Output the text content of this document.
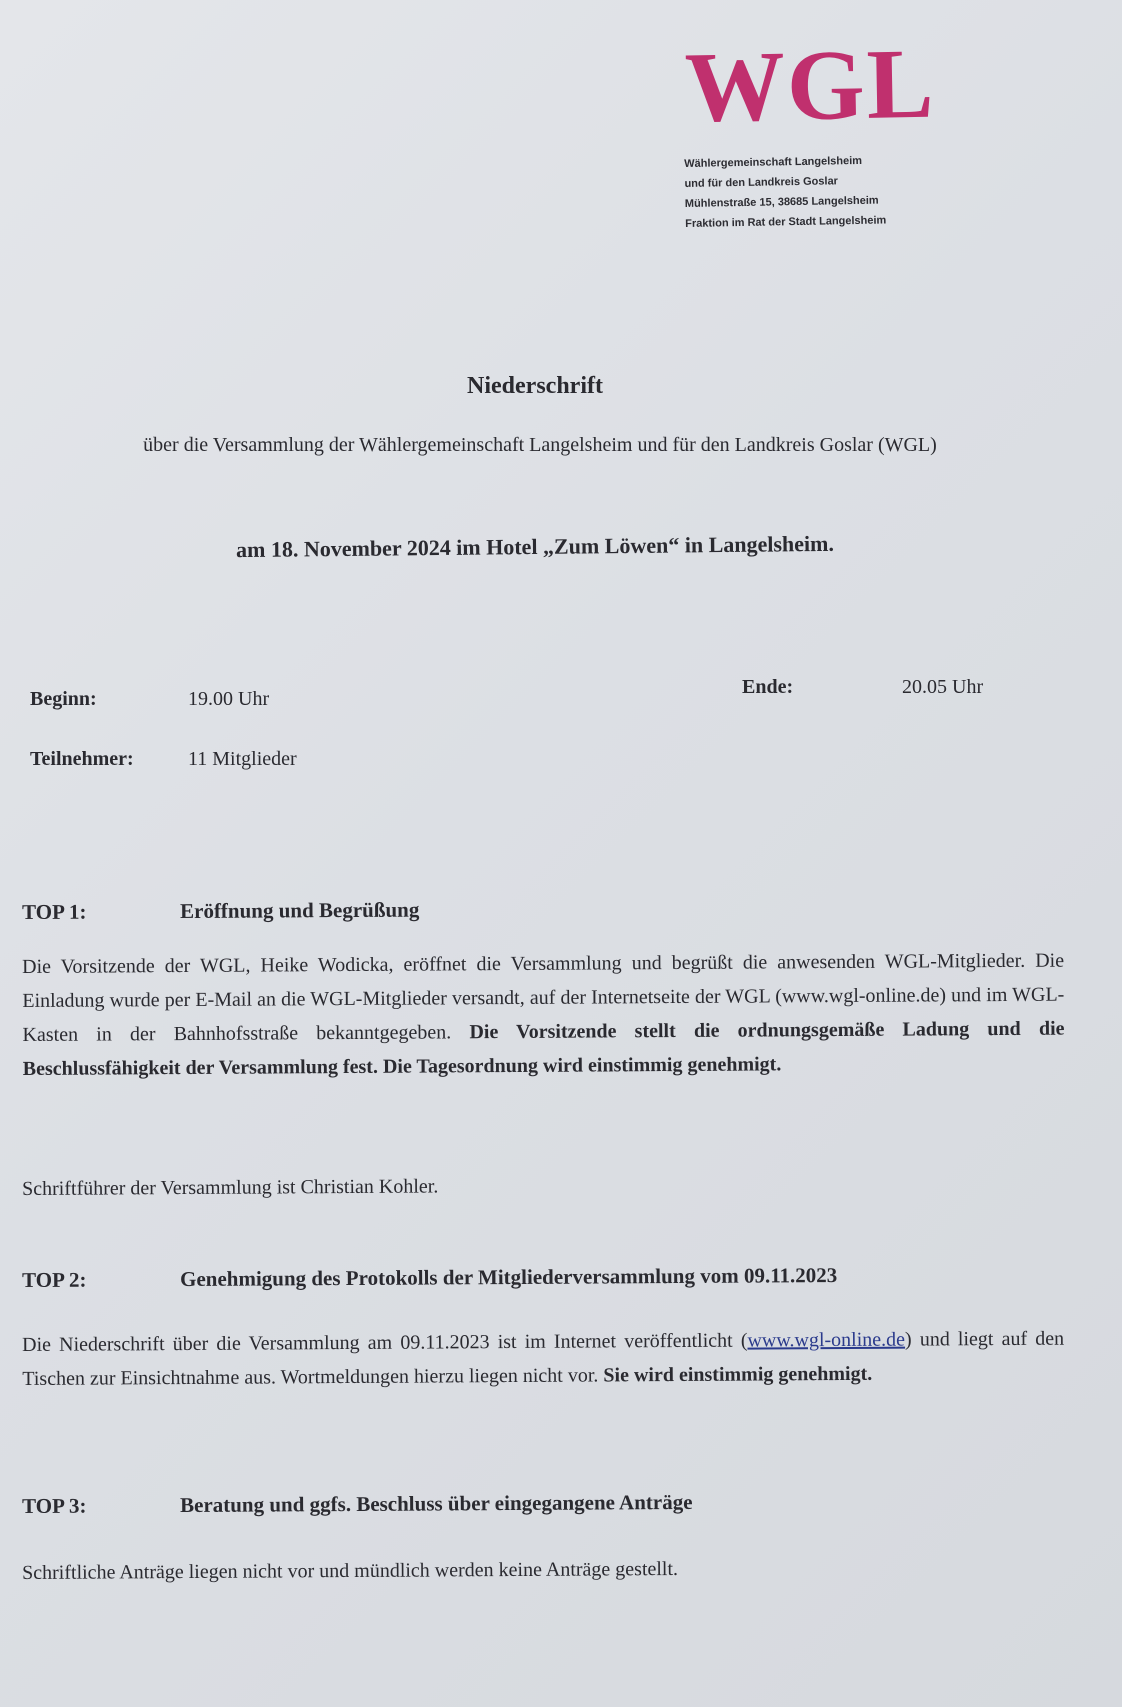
WGL
Wählergemeinschaft Langelsheim
und für den Landkreis Goslar
Mühlenstraße 15, 38685 Langelsheim
Fraktion im Rat der Stadt Langelsheim
Niederschrift
über die Versammlung der Wählergemeinschaft Langelsheim und für den Landkreis Goslar (WGL)
am 18. November 2024 im Hotel „Zum Löwen“ in Langelsheim.
Beginn:	19.00 Uhr
Ende:	20.05 Uhr
Teilnehmer:	11 Mitglieder
TOP 1:	Eröffnung und Begrüßung
Die Vorsitzende der WGL, Heike Wodicka, eröffnet die Versammlung und begrüßt die anwesenden WGL-Mitglieder. Die Einladung wurde per E-Mail an die WGL-Mitglieder versandt, auf der Internetseite der WGL (www.wgl-online.de) und im WGL-Kasten in der Bahnhofsstraße bekanntgegeben. Die Vorsitzende stellt die ordnungsgemäße Ladung und die Beschlussfähigkeit der Versammlung fest. Die Tagesordnung wird einstimmig genehmigt.
Schriftführer der Versammlung ist Christian Kohler.
TOP 2:	Genehmigung des Protokolls der Mitgliederversammlung vom 09.11.2023
Die Niederschrift über die Versammlung am 09.11.2023 ist im Internet veröffentlicht (www.wgl-online.de) und liegt auf den Tischen zur Einsichtnahme aus. Wortmeldungen hierzu liegen nicht vor. Sie wird einstimmig genehmigt.
TOP 3:	Beratung und ggfs. Beschluss über eingegangene Anträge
Schriftliche Anträge liegen nicht vor und mündlich werden keine Anträge gestellt.
